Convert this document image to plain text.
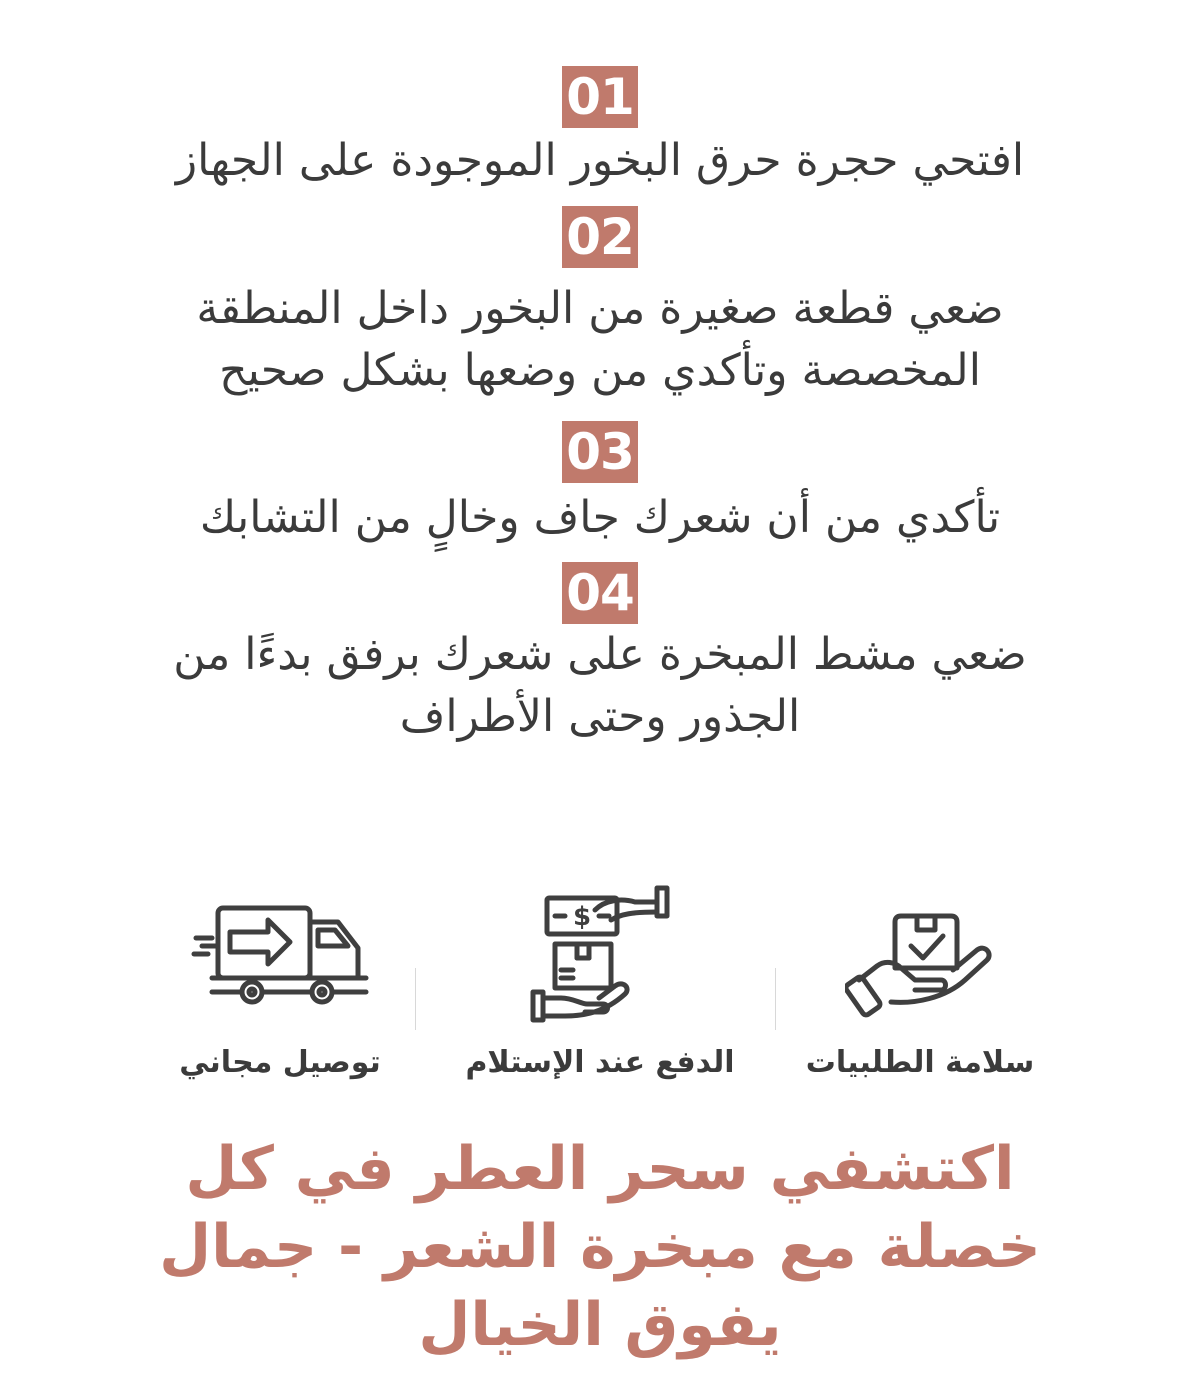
01
افتحي حجرة حرق البخور الموجودة على الجهاز
02
ضعي قطعة صغيرة من البخور داخل المنطقة المخصصة وتأكدي من وضعها بشكل صحيح
03
تأكدي من أن شعرك جاف وخالٍ من التشابك
04
ضعي مشط المبخرة على شعرك برفق بدءًا من الجذور وحتى الأطراف
توصيل مجاني
$
الدفع عند الإستلام	سلامة الطلبيات
اكتشفي سحر العطر في كل خصلة مع مبخرة الشعر - جمال يفوق الخيال
